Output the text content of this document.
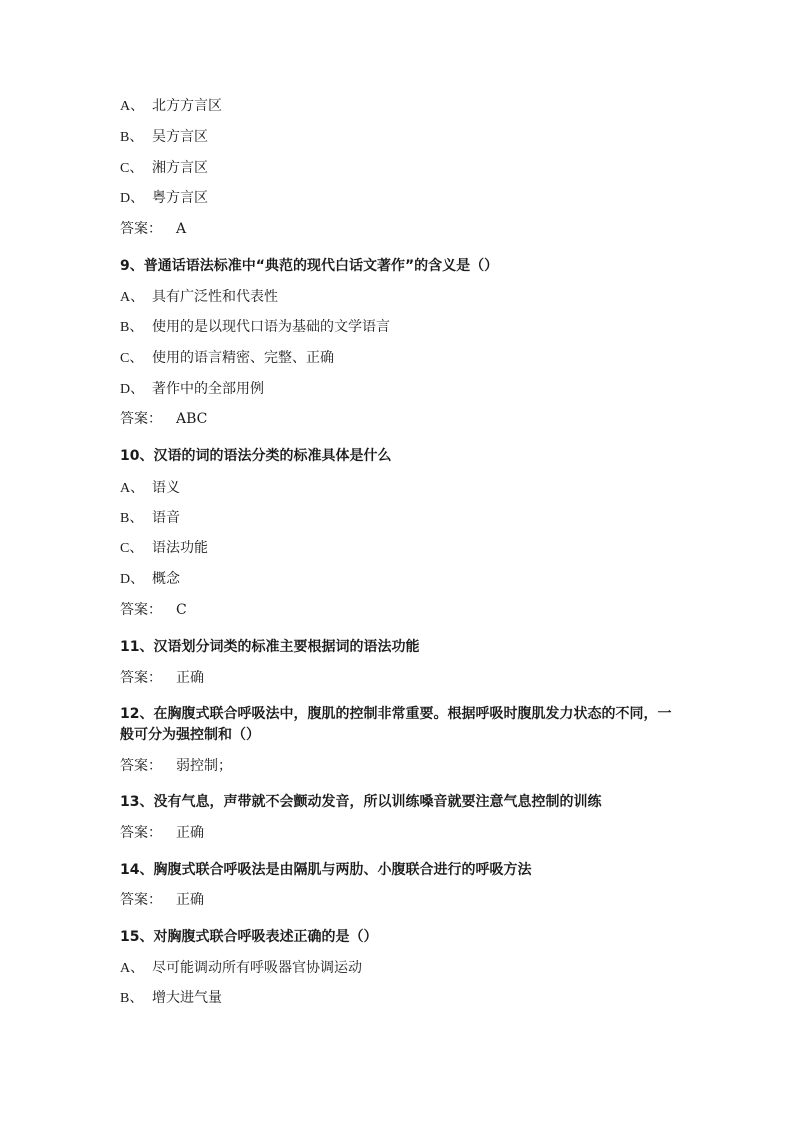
A、 北方方言区
B、 吴方言区
C、 湘方言区
D、 粤方言区
答案： A
9、普通话语法标准中“典范的现代白话文著作”的含义是（）
A、 具有广泛性和代表性
B、 使用的是以现代口语为基础的文学语言
C、 使用的语言精密、完整、正确
D、 著作中的全部用例
答案： ABC
10、汉语的词的语法分类的标准具体是什么
A、 语义
B、 语音
C、 语法功能
D、 概念
答案： C
11、汉语划分词类的标准主要根据词的语法功能
答案： 正确
12、在胸腹式联合呼吸法中，腹肌的控制非常重要。根据呼吸时腹肌发力状态的不同，一般可分为强控制和（）
答案： 弱控制；
13、没有气息，声带就不会颤动发音，所以训练嗓音就要注意气息控制的训练
答案： 正确
14、胸腹式联合呼吸法是由隔肌与两肋、小腹联合进行的呼吸方法
答案： 正确
15、对胸腹式联合呼吸表述正确的是（）
A、 尽可能调动所有呼吸器官协调运动
B、 增大进气量
